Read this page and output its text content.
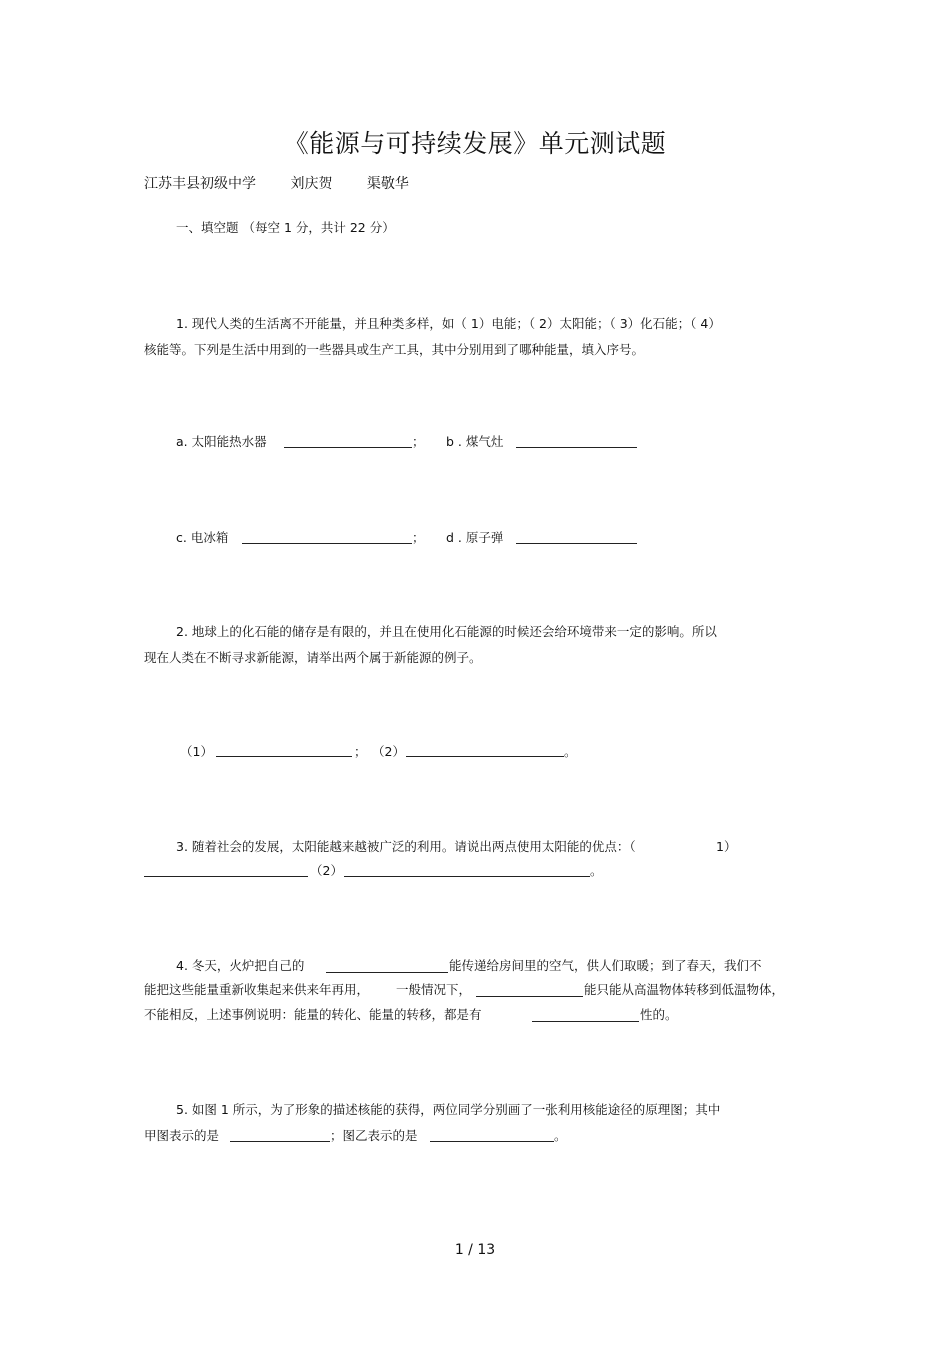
《能源与可持续发展》单元测试题
江苏丰县初级中学 刘庆贺 渠敬华
一、填空题 （每空 1 分，共计 22 分）
1. 现代人类的生活离不开能量，并且种类多样，如（ 1）电能；（ 2）太阳能；（ 3）化石能；（ 4）
核能等。下列是生活中用到的一些器具或生产工具，其中分别用到了哪种能量，填入序号。
a. 太阳能热水器	； b . 煤气灶
c. 电冰箱	； d . 原子弹
2. 地球上的化石能的储存是有限的，并且在使用化石能源的时候还会给环境带来一定的影响。所以
现在人类在不断寻求新能源，请举出两个属于新能源的例子。
（1）	； （2）	。
3. 随着社会的发展，太阳能越来越被广泛的利用。请说出两点使用太阳能的优点：（	1）
（2）	。
4. 冬天，火炉把自己的	能传递给房间里的空气，供人们取暖；到了春天，我们不
能把这些能量重新收集起来供来年再用， 一般情况下，	能只能从高温物体转移到低温物体，
不能相反，上述事例说明：能量的转化、能量的转移，都是有	性的。
5. 如图 1 所示，为了形象的描述核能的获得，两位同学分别画了一张利用核能途径的原理图；其中
甲图表示的是	；图乙表示的是	。
1 / 13
